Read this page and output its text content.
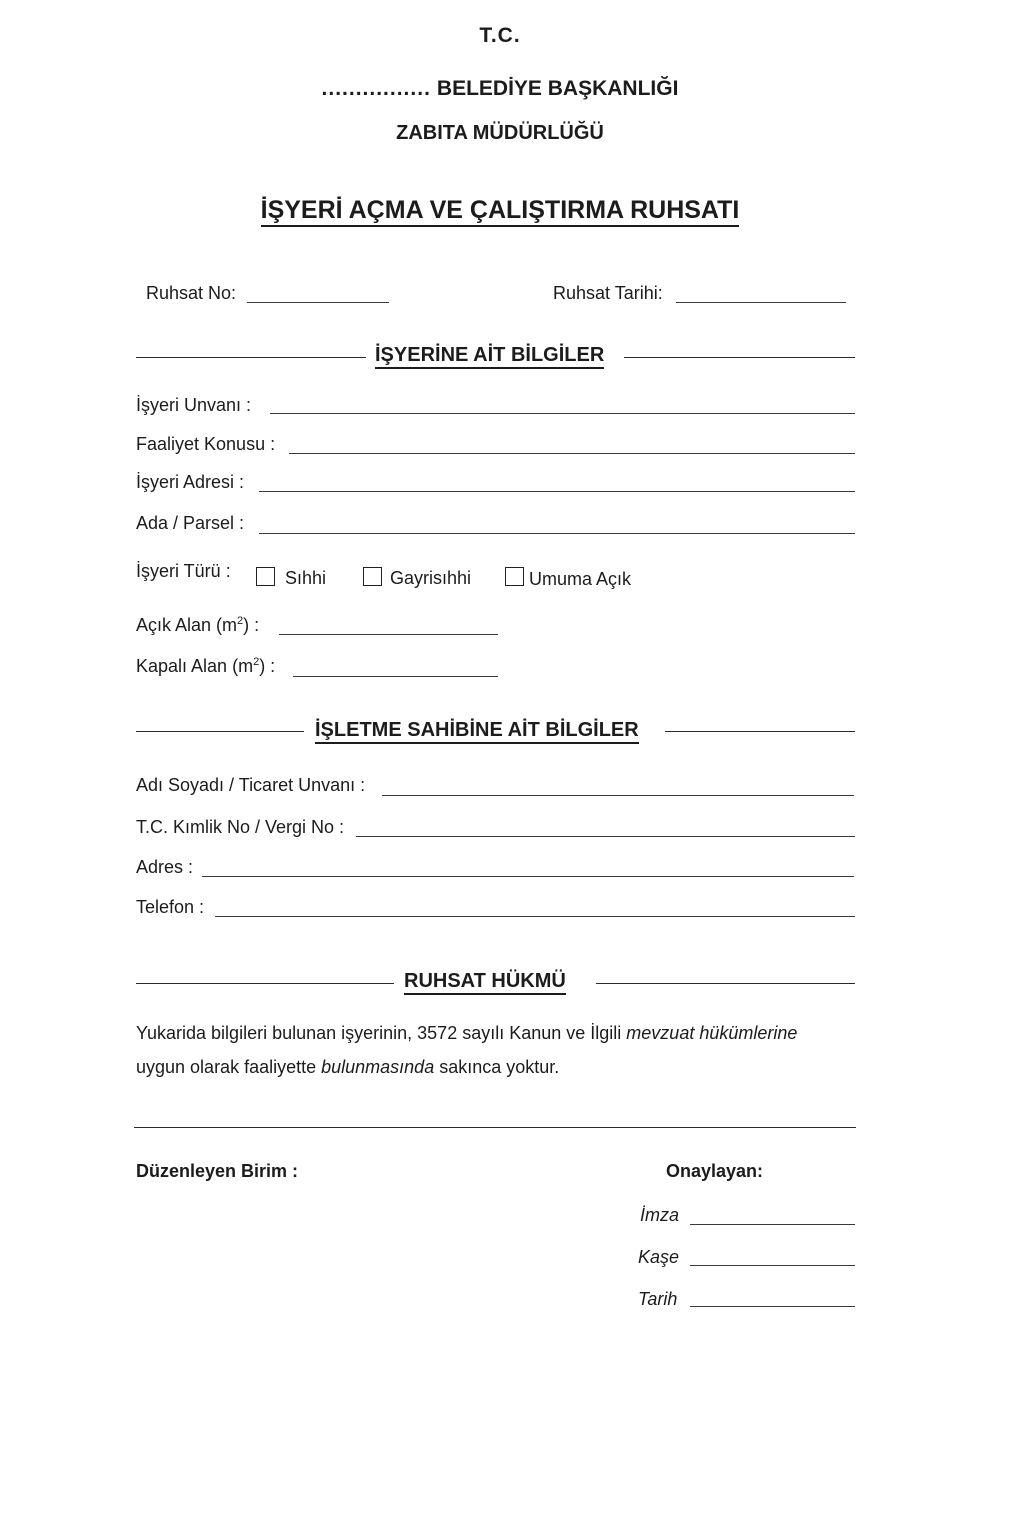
T.C.
................ BELEDİYE BAŞKANLIĞI
ZABITA MÜDÜRLÜĞÜ
İŞYERİ AÇMA VE ÇALIŞTIRMA RUHSATI
Ruhsat No:	Ruhsat Tarihi:
İŞYERİNE AİT BİLGİLER
İşyeri Unvanı :
Faaliyet Konusu :
İşyeri Adresi :
Ada / Parsel :
İşyeri Türü :	Sıhhi	Gayrisıhhi	Umuma Açık
Açık Alan $(m^2)$ :
Kapalı Alan $(m^2)$ :
İŞLETME SAHİBİNE AİT BİLGİLER
Adı Soyadı / Ticaret Unvanı :
T.C. Kımlik No / Vergi No :
Adres :
Telefon :
RUHSAT HÜKMÜ
Yukarida bilgileri bulunan işyerinin, 3572 sayılı Kanun ve İlgili mevzuat hükümlerine
uygun olarak faaliyette bulunmasında sakınca yoktur.
Düzenleyen Birim :	Onaylayan:
İmza
Kaşe
Tarih
